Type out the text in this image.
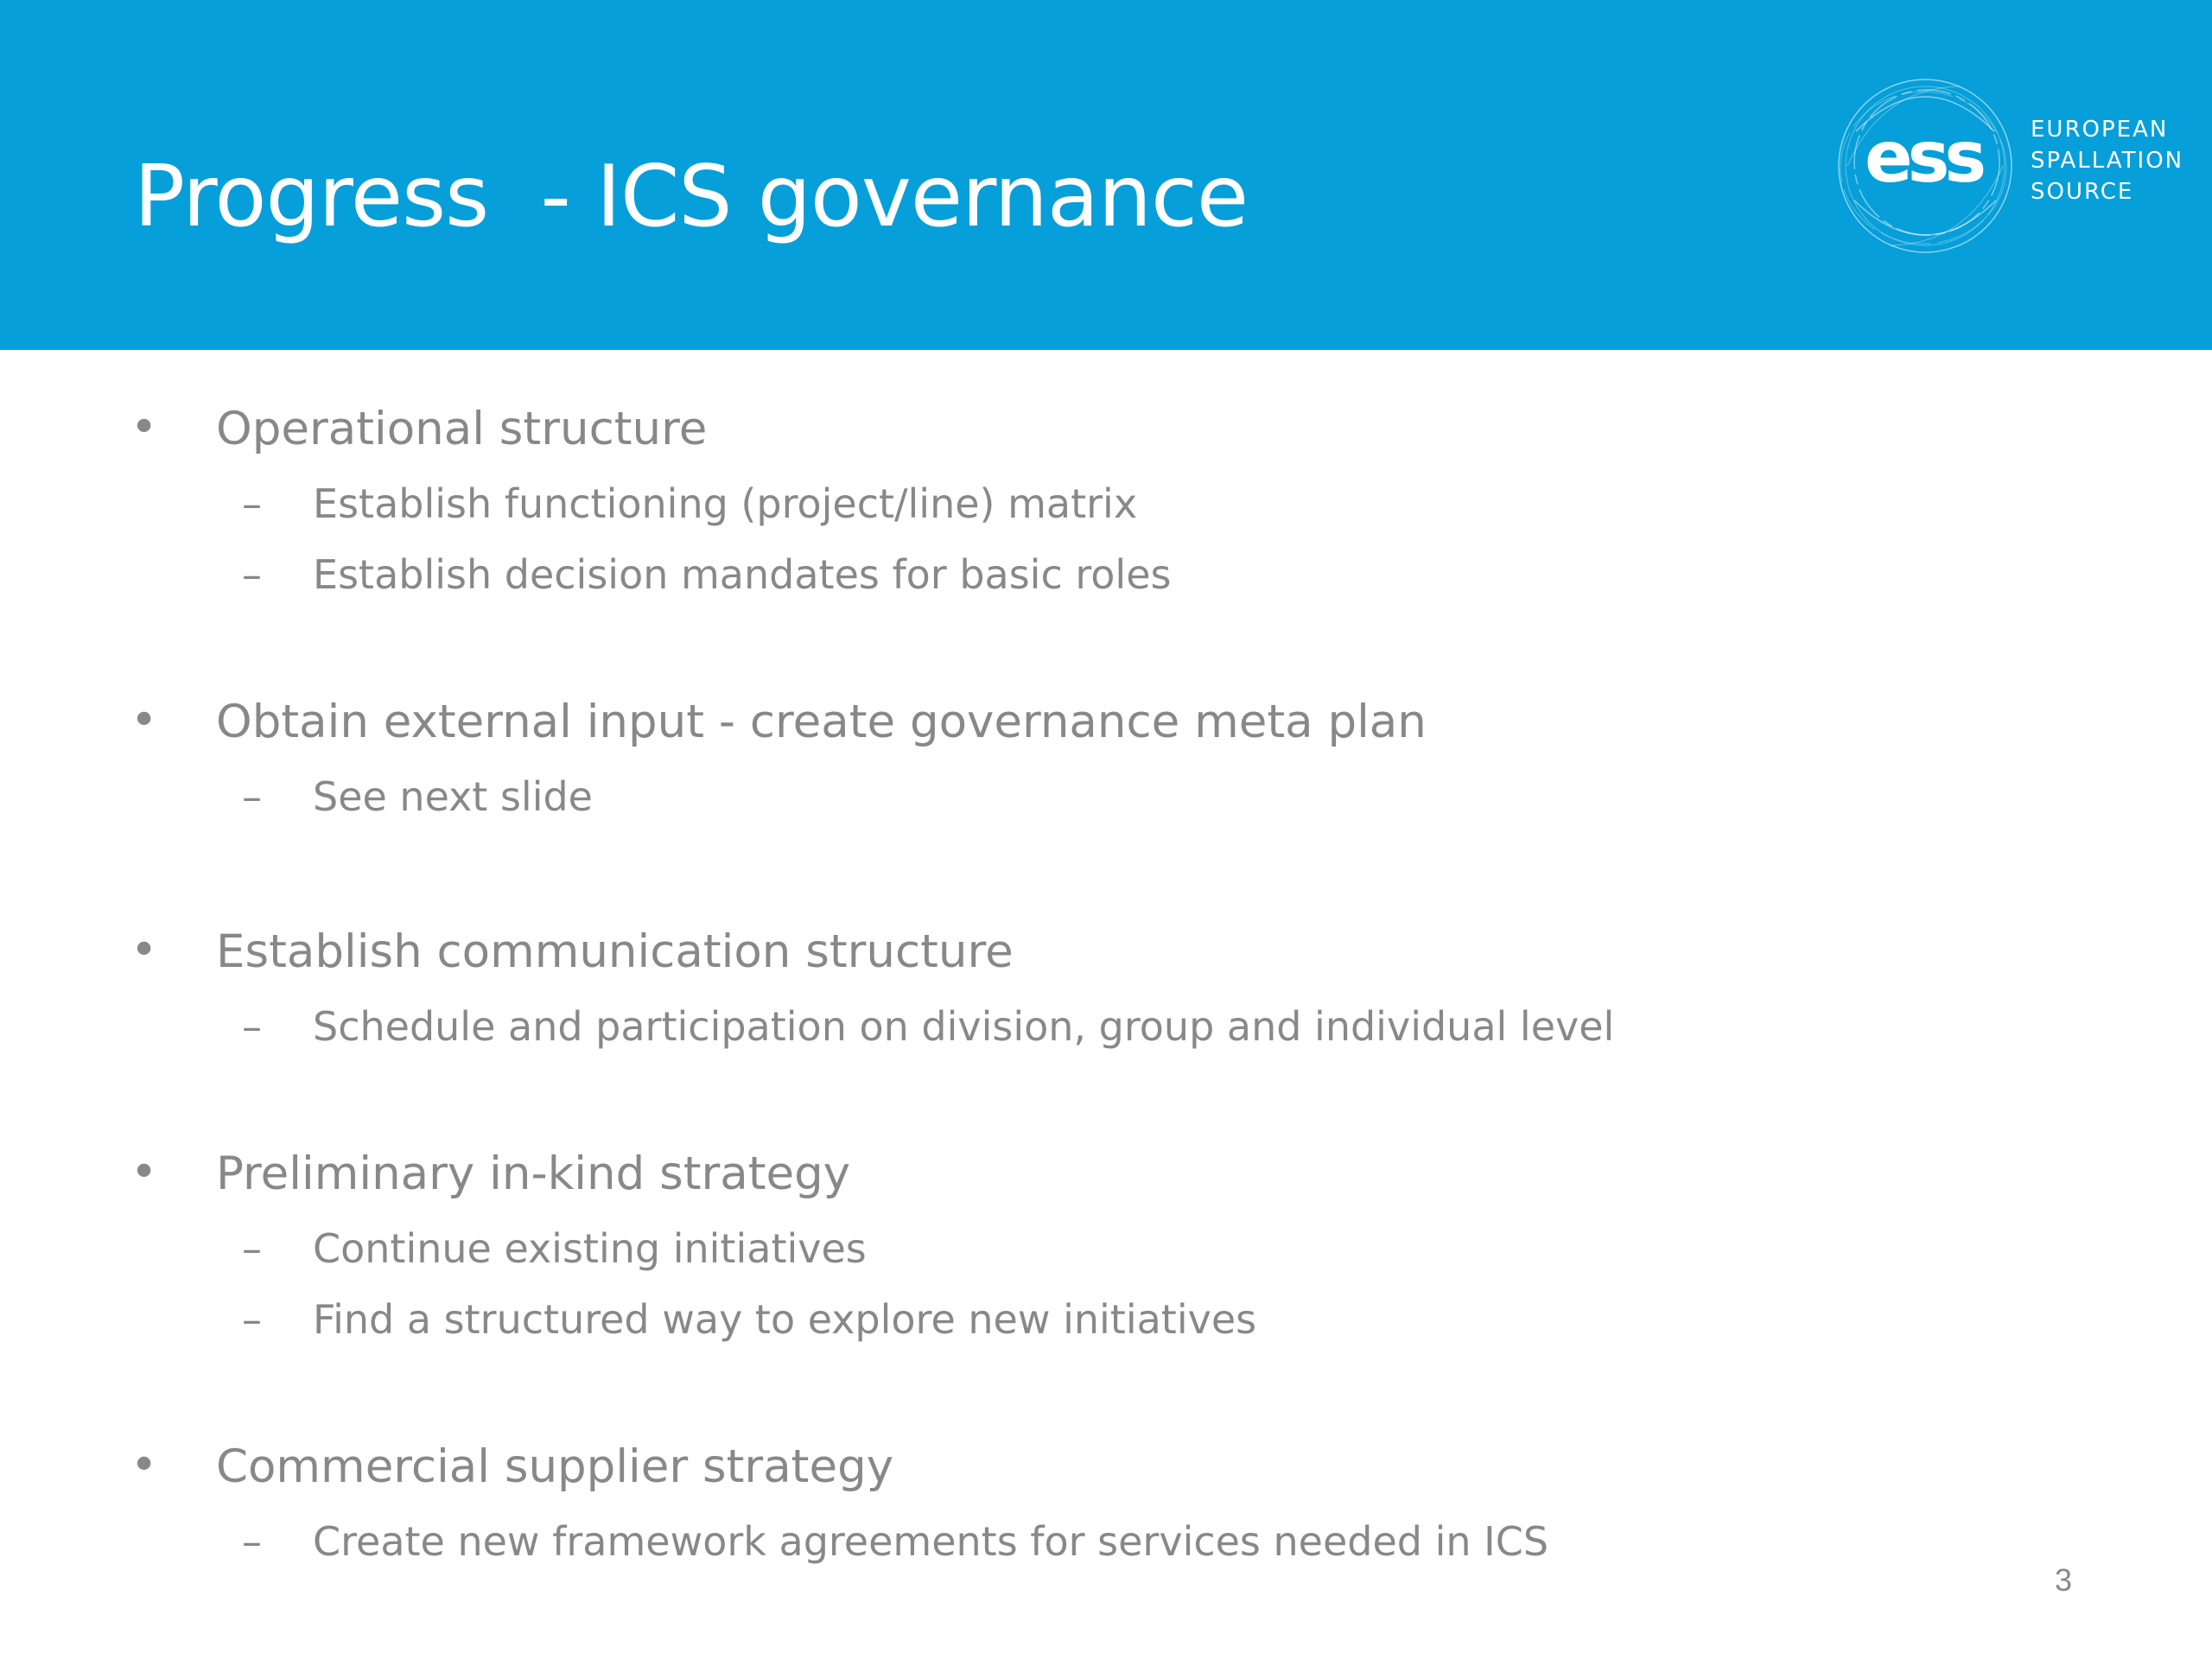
Progress  - ICS governance	ess EUROPEAN
SPALLATION
SOURCE
• Operational structure
– Establish functioning (project/line) matrix
– Establish decision mandates for basic roles
• Obtain external input - create governance meta plan
– See next slide
• Establish communication structure
– Schedule and participation on division, group and individual level
• Preliminary in-kind strategy
– Continue existing initiatives
– Find a structured way to explore new initiatives
• Commercial supplier strategy
– Create new framework agreements for services needed in ICS
3
